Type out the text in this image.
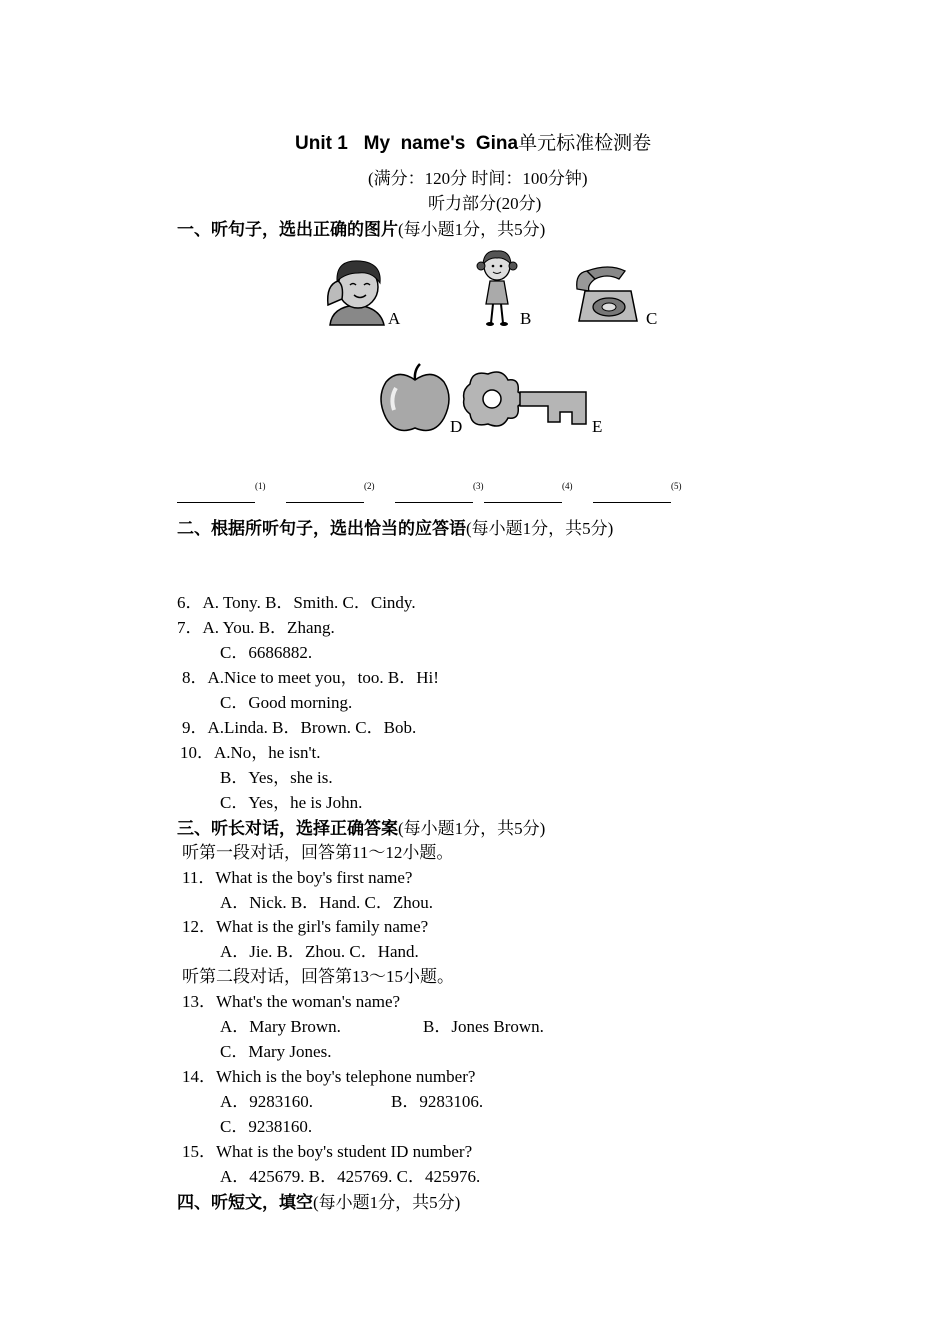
Unit 1   My  name's  Gina单元标准检测卷
(满分：120分 时间：100分钟)
听力部分(20分)
一、听句子，选出正确的图片(每小题1分，共5分)
A	B	C
D	E
$^{(1)}$	$^{(2)}$	$^{(3)}$	$^{(4)}$	$^{(5)}$
二、根据所听句子，选出恰当的应答语(每小题1分，共5分)
6．A. Tony. B．Smith. C．Cindy.
7．A. You. B．Zhang.
C．6686882.
8．A.Nice to meet you，too. B．Hi!
C．Good morning.
9．A.Linda. B．Brown. C．Bob.
10．A.No，he isn't.
B．Yes，she is.
C．Yes，he is John.
三、听长对话，选择正确答案(每小题1分，共5分)
听第一段对话，回答第11～12小题。
11．What is the boy's first name?
A．Nick. B．Hand. C．Zhou.
12．What is the girl's family name?
A．Jie. B．Zhou. C．Hand.
听第二段对话，回答第13～15小题。
13．What's the woman's name?
A．Mary Brown.	B．Jones Brown.
C．Mary Jones.
14．Which is the boy's telephone number?
A．9283160.	B．9283106.
C．9238160.
15．What is the boy's student ID number?
A．425679. B．425769. C．425976.
四、听短文，填空(每小题1分，共5分)
